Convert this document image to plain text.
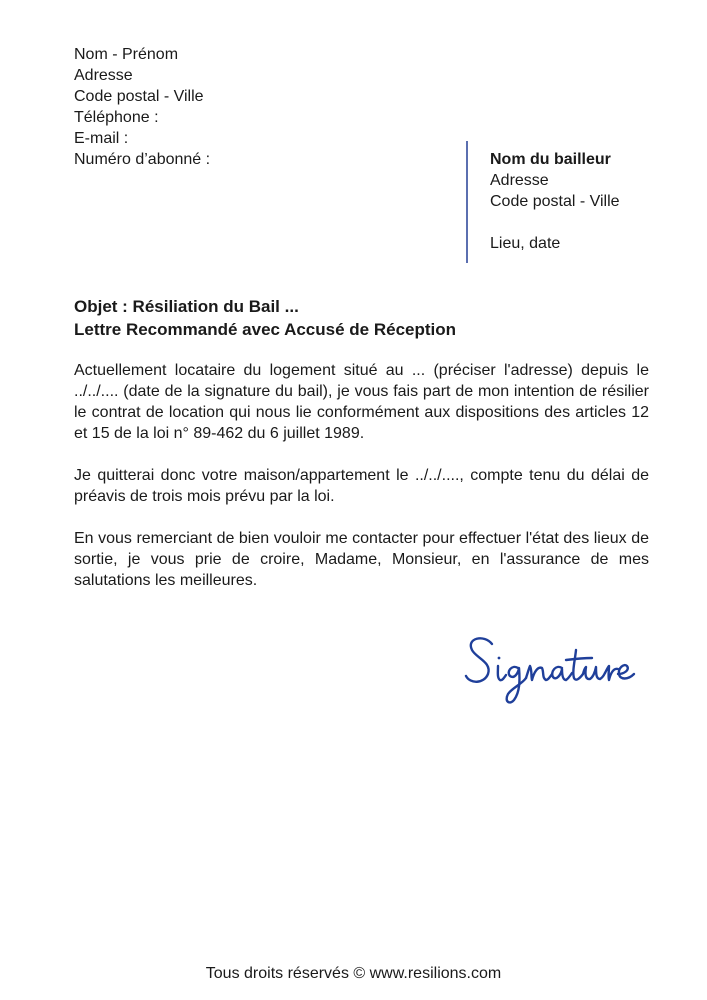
Nom - Prénom
Adresse
Code postal - Ville
Téléphone :
E-mail :
Numéro d’abonné :	Nom du bailleur
Adresse
Code postal - Ville
Lieu, date
Objet : Résiliation du Bail ...
Lettre Recommandé avec Accusé de Réception

Actuellement locataire du logement situé au ... (préciser l'adresse) depuis le ../../.... (date de la signature du bail), je vous fais part de mon intention de résilier le contrat de location qui nous lie conformément aux dispositions des articles 12 et 15 de la loi n° 89-462 du 6 juillet 1989.

Je quitterai donc votre maison/appartement le ../../...., compte tenu du délai de préavis de trois mois prévu par la loi.

En vous remerciant de bien vouloir me contacter pour effectuer l'état des lieux de sortie, je vous prie de croire, Madame, Monsieur, en l'assurance de mes salutations les meilleures.

Tous droits réservés © www.resilions.com
